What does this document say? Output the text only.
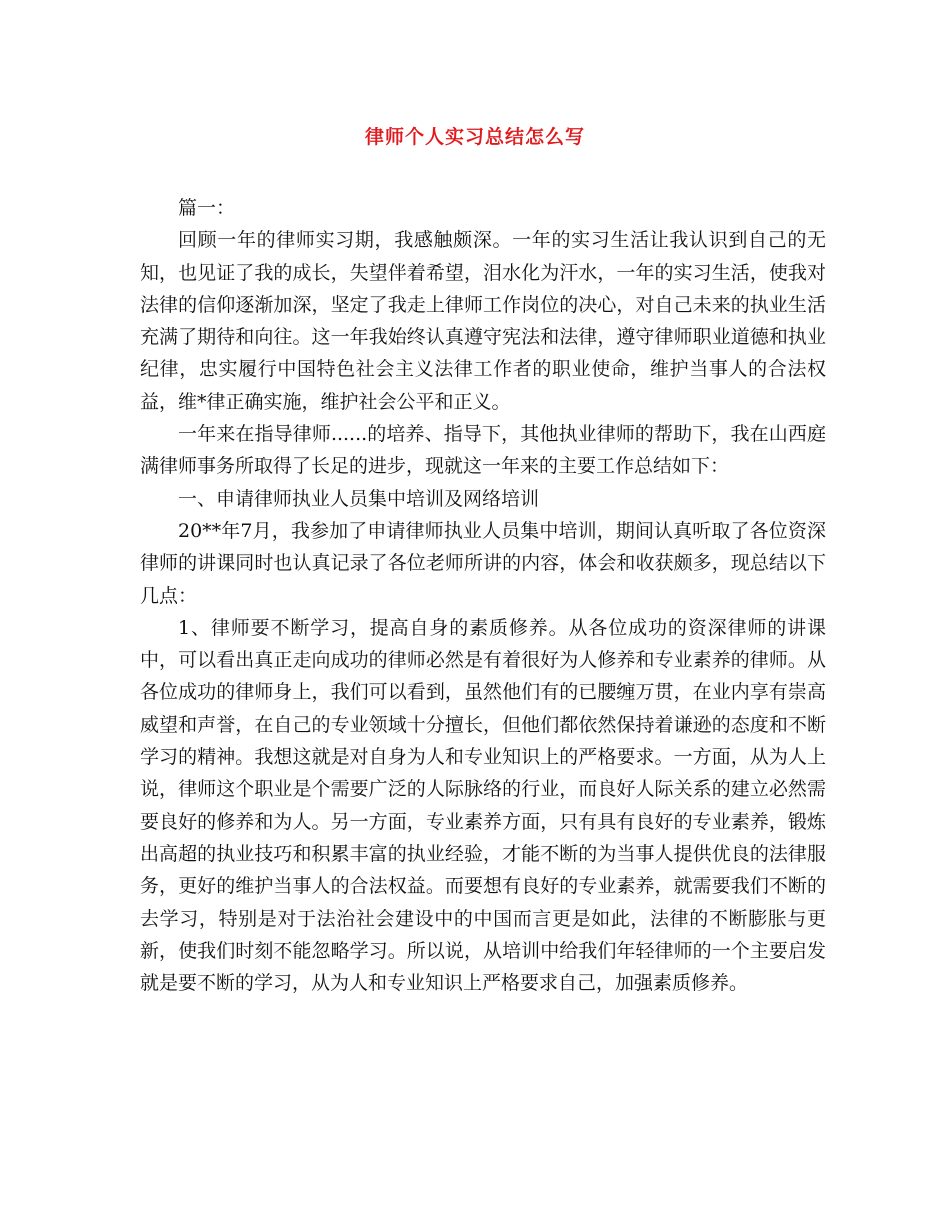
律师个人实习总结怎么写

篇一：

回顾一年的律师实习期，我感触颇深。一年的实习生活让我认识到自己的无知，也见证了我的成长，失望伴着希望，泪水化为汗水，一年的实习生活，使我对法律的信仰逐渐加深，坚定了我走上律师工作岗位的决心，对自己未来的执业生活充满了期待和向往。这一年我始终认真遵守宪法和法律，遵守律师职业道德和执业纪律，忠实履行中国特色社会主义法律工作者的职业使命，维护当事人的合法权益，维*律正确实施，维护社会公平和正义。

一年来在指导律师......的培养、指导下，其他执业律师的帮助下，我在山西庭满律师事务所取得了长足的进步，现就这一年来的主要工作总结如下：

一、申请律师执业人员集中培训及网络培训

20**年7月，我参加了申请律师执业人员集中培训，期间认真听取了各位资深律师的讲课同时也认真记录了各位老师所讲的内容，体会和收获颇多，现总结以下几点：

1、律师要不断学习，提高自身的素质修养。从各位成功的资深律师的讲课中，可以看出真正走向成功的律师必然是有着很好为人修养和专业素养的律师。从各位成功的律师身上，我们可以看到，虽然他们有的已腰缠万贯，在业内享有崇高威望和声誉，在自己的专业领域十分擅长，但他们都依然保持着谦逊的态度和不断学习的精神。我想这就是对自身为人和专业知识上的严格要求。一方面，从为人上说，律师这个职业是个需要广泛的人际脉络的行业，而良好人际关系的建立必然需要良好的修养和为人。另一方面，专业素养方面，只有具有良好的专业素养，锻炼出高超的执业技巧和积累丰富的执业经验，才能不断的为当事人提供优良的法律服务，更好的维护当事人的合法权益。而要想有良好的专业素养，就需要我们不断的去学习，特别是对于法治社会建设中的中国而言更是如此，法律的不断膨胀与更新，使我们时刻不能忽略学习。所以说，从培训中给我们年轻律师的一个主要启发就是要不断的学习，从为人和专业知识上严格要求自己，加强素质修养。
